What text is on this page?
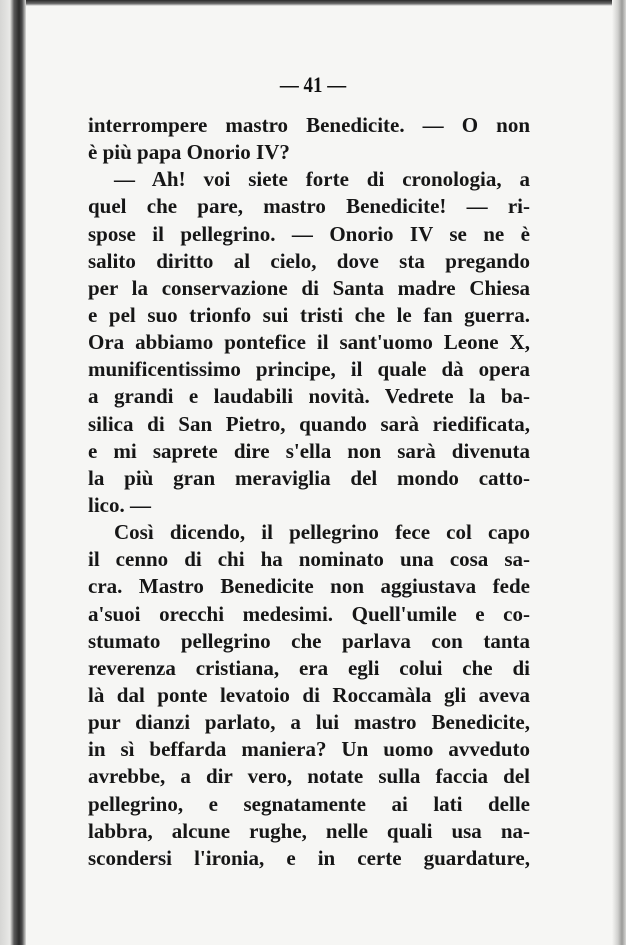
— 41 —
interrompere mastro Benedicite. — O non
è più papa Onorio IV?
— Ah! voi siete forte di cronologia, a
quel che pare, mastro Benedicite! — ri-
spose il pellegrino. — Onorio IV se ne è
salito diritto al cielo, dove sta pregando
per la conservazione di Santa madre Chiesa
e pel suo trionfo sui tristi che le fan guerra.
Ora abbiamo pontefice il sant'uomo Leone X,
munificentissimo principe, il quale dà opera
a grandi e laudabili novità. Vedrete la ba-
silica di San Pietro, quando sarà riedificata,
e mi saprete dire s'ella non sarà divenuta
la più gran meraviglia del mondo catto-
lico. —
Così dicendo, il pellegrino fece col capo
il cenno di chi ha nominato una cosa sa-
cra. Mastro Benedicite non aggiustava fede
a'suoi orecchi medesimi. Quell'umile e co-
stumato pellegrino che parlava con tanta
reverenza cristiana, era egli colui che di
là dal ponte levatoio di Roccamàla gli aveva
pur dianzi parlato, a lui mastro Benedicite,
in sì beffarda maniera? Un uomo avveduto
avrebbe, a dir vero, notate sulla faccia del
pellegrino, e segnatamente ai lati delle
labbra, alcune rughe, nelle quali usa na-
scondersi l'ironia, e in certe guardature,
